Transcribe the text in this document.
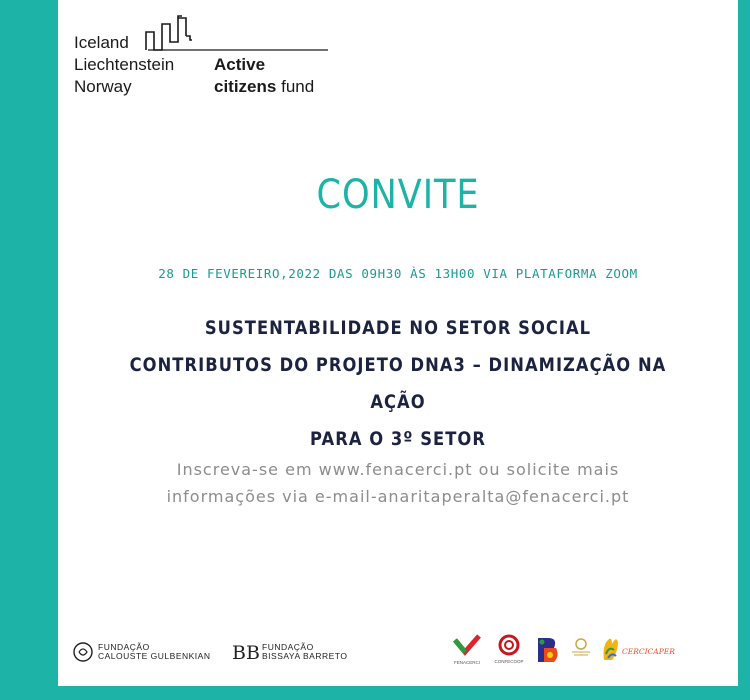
Iceland
Liechtenstein
Norway
Active
citizens fund
CONVITE
28 DE FEVEREIRO,2022 DAS 09H30 ÀS 13H00 VIA PLATAFORMA ZOOM
SUSTENTABILIDADE NO SETOR SOCIAL
CONTRIBUTOS DO PROJETO DNA3 – DINAMIZAÇÃO NA AÇÃO
PARA O 3º SETOR
Inscreva-se em www.fenacerci.pt ou solicite mais
informações via e-mail-anaritaperalta@fenacerci.pt
FUNDAÇÃO
CALOUSTE GULBENKIAN BB FUNDAÇÃO
BISSAYA BARRETO
FENACERCI	CONFECOOP
CERCICAPER
